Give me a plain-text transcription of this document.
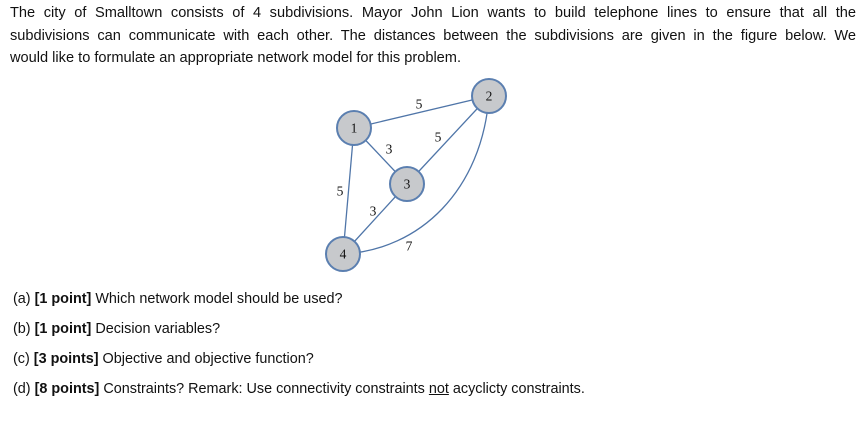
The city of Smalltown consists of 4 subdivisions. Mayor John Lion wants to build telephone lines to ensure that all the
subdivisions can communicate with each other. The distances between the subdivisions are given in the figure below. We
would like to formulate an appropriate network model for this problem.

5
3
5
5
3
7
1
2
3
4
(a) [1 point] Which network model should be used?
(b) [1 point] Decision variables?
(c) [3 points] Objective and objective function?
(d) [8 points] Constraints? Remark: Use connectivity constraints not acyclicty constraints.
